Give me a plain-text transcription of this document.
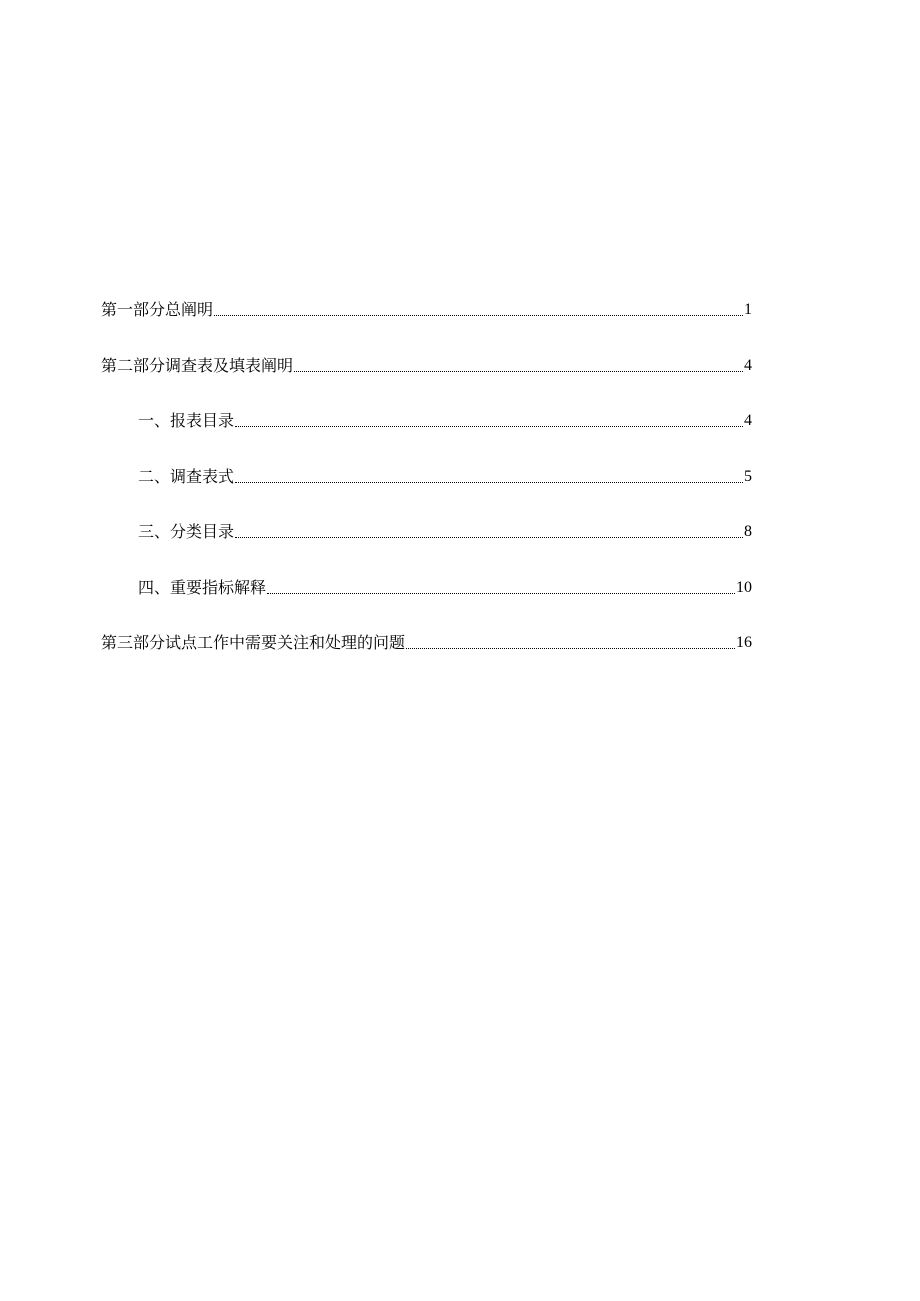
第一部分总阐明	1
第二部分调查表及填表阐明	4
一、报表目录	4
二、调查表式	5
三、分类目录	8
四、重要指标解释	10
第三部分试点工作中需要关注和处理的问题	16
